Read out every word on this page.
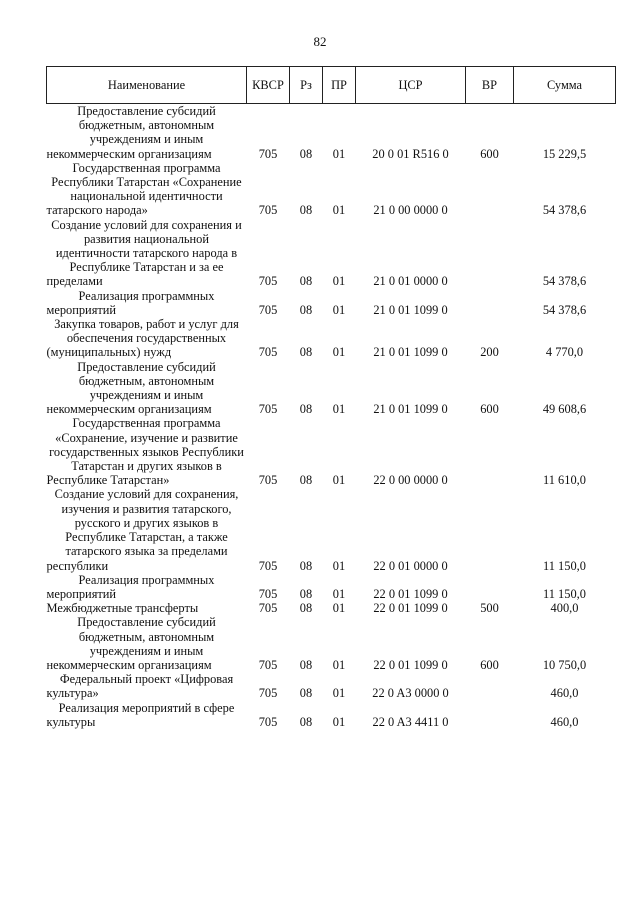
82
Наименование	КВСР	Рз	ПР	ЦСР	ВР	Сумма
Предоставление субсидий бюджетным, автономным учреждениям и иным некоммерческим организациям	705	08	01	20 0 01 R516 0	600	15 229,5
Государственная программа Республики Татарстан «Сохранение национальной идентичности татарского народа»	705	08	01	21 0 00 0000 0		54 378,6
Создание условий для сохранения и развития национальной идентичности татарского народа в Республике Татарстан и за ее пределами	705	08	01	21 0 01 0000 0		54 378,6
Реализация программных мероприятий	705	08	01	21 0 01 1099 0		54 378,6
Закупка товаров, работ и услуг для обеспечения государственных (муниципальных) нужд	705	08	01	21 0 01 1099 0	200	4 770,0
Предоставление субсидий бюджетным, автономным учреждениям и иным некоммерческим организациям	705	08	01	21 0 01 1099 0	600	49 608,6
Государственная программа «Сохранение, изучение и развитие государственных языков Республики Татарстан и других языков в Республике Татарстан»	705	08	01	22 0 00 0000 0		11 610,0
Создание условий для сохранения, изучения и развития татарского, русского и других языков в Республике Татарстан, а также татарского языка за пределами республики	705	08	01	22 0 01 0000 0		11 150,0
Реализация программных мероприятий	705	08	01	22 0 01 1099 0		11 150,0
Межбюджетные трансферты	705	08	01	22 0 01 1099 0	500	400,0
Предоставление субсидий бюджетным, автономным учреждениям и иным некоммерческим организациям	705	08	01	22 0 01 1099 0	600	10 750,0
Федеральный проект «Цифровая культура»	705	08	01	22 0 A3 0000 0		460,0
Реализация мероприятий в сфере культуры	705	08	01	22 0 A3 4411 0		460,0
